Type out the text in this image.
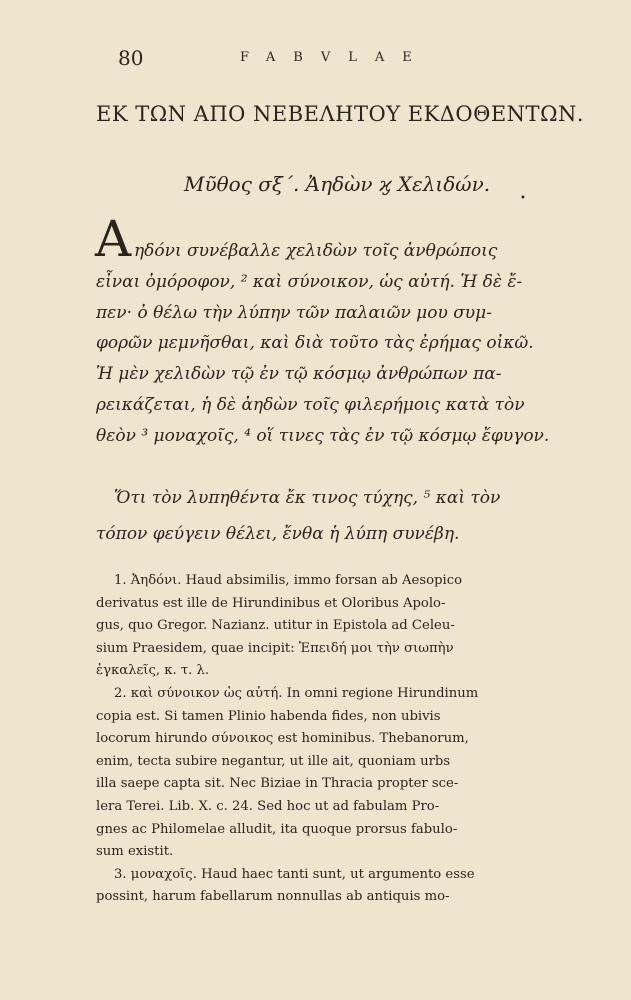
80	FABVLAE
ΕΚ ΤΩΝ ΑΠΟ ΝΕΒΕΛΗΤΟΥ ΕΚΔΟΘΕΝΤΩΝ.
Μῦθος σξ΄. Ἀηδὼν ϗ Χελιδών.
•
Α ηδόνι συνέβαλλε χελιδὼν τοῖς ἀνθρώποις
εἶναι ὁμόροφον, ² καὶ σύνοικον, ὡς αὐτή. Ἡ δὲ ἔ-
πεν· ὀ θέλω τὴν λύπην τῶν παλαιῶν μου συμ-
φορῶν μεμνῆσθαι, καὶ διὰ τοῦτο τὰς ἐρήμας οἰκῶ.
Ἡ μὲν χελιδὼν τῷ ἐν τῷ κόσμῳ ἀνθρώπων πα-
ρεικάζεται, ἡ δὲ ἀηδὼν τοῖς φιλερήμοις κατὰ τὸν
θεὸν ³ μοναχοῖς, ⁴ οἵ τινες τὰς ἐν τῷ κόσμῳ ἔφυγον.
Ὅτι τὸν λυπηθέντα ἔκ τινος τύχης, ⁵ καὶ τὸν
τόπον φεύγειν θέλει, ἔνθα ἡ λύπη συνέβη.
1. Ἀηδόνι. Haud absimilis, immo forsan ab Aesopico
derivatus est ille de Hirundinibus et Oloribus Apolo-
gus, quo Gregor. Nazianz. utitur in Epistola ad Celeu-
sium Praesidem, quae incipit: Ἐπειδή μοι τὴν σιωπὴν
ἐγκαλεῖς, κ. τ. λ.
2. καὶ σύνοικον ὡς αὐτή. In omni regione Hirundinum
copia est. Si tamen Plinio habenda fides, non ubivis
locorum hirundo σύνοικος est hominibus. Thebanorum,
enim, tecta subire negantur, ut ille ait, quoniam urbs
illa saepe capta sit. Nec Biziae in Thracia propter sce-
lera Terei. Lib. X. c. 24. Sed hoc ut ad fabulam Pro-
gnes ac Philomelae alludit, ita quoque prorsus fabulo-
sum existit.
3. μοναχοῖς. Haud haec tanti sunt, ut argumento esse
possint, harum fabellarum nonnullas ab antiquis mo-
